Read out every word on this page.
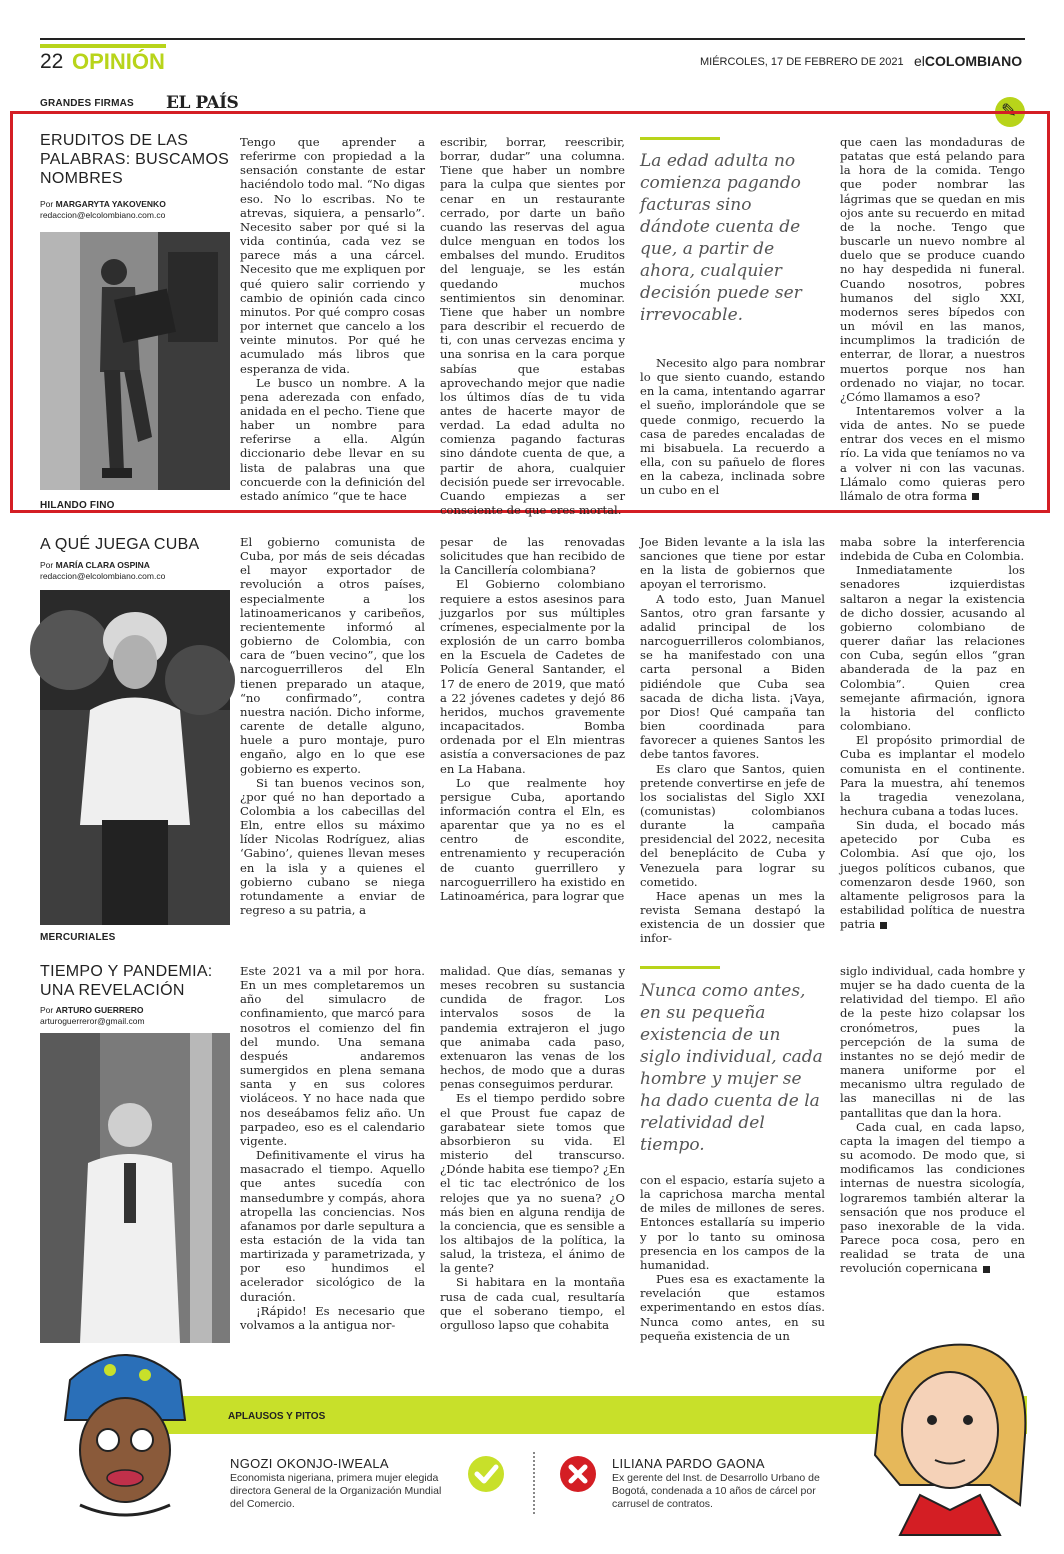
22 OPINIÓN	MIÉRCOLES, 17 DE FEBRERO DE 2021 elCOLOMBIANO
GRANDES FIRMAS EL PAÍS	✎
ERUDITOS DE LAS PALABRAS: BUSCAMOS NOMBRES
Por MARGARYTA YAKOVENKO
redaccion@elcolombiano.com.co

Tengo que aprender a referirme con propiedad a la sensación constante de estar haciéndolo todo mal. “No digas eso. No lo escribas. No te atrevas, siquiera, a pensarlo”. Necesito saber por qué si la vida continúa, cada vez se parece más a una cárcel. Necesito que me expliquen por qué quiero salir corriendo y cambio de opinión cada cinco minutos. Por qué compro cosas por internet que cancelo a los veinte minutos. Por qué he acumulado más libros que esperanza de vida.

Le busco un nombre. A la pena aderezada con enfado, anidada en el pecho. Tiene que haber un nombre para referirse a ella. Algún diccionario debe llevar en su lista de palabras una que concuerde con la definición del estado anímico “que te hace

escribir, borrar, reescribir, borrar, dudar” una columna. Tiene que haber un nombre para la culpa que sientes por cenar en un restaurante cerrado, por darte un baño cuando las reservas del agua dulce menguan en todos los embalses del mundo. Eruditos del lenguaje, se les están quedando muchos sentimientos sin denominar. Tiene que haber un nombre para describir el recuerdo de ti, con unas cervezas encima y una sonrisa en la cara porque sabías que estabas aprovechando mejor que nadie los últimos días de tu vida antes de hacerte mayor de verdad. La edad adulta no comienza pagando facturas sino dándote cuenta de que, a partir de ahora, cualquier decisión puede ser irrevocable. Cuando empiezas a ser consciente de que eres mortal.

La edad adulta no comienza pagando facturas sino dándote cuenta de que, a partir de ahora, cualquier decisión puede ser irrevocable.

Necesito algo para nombrar lo que siento cuando, estando en la cama, intentando agarrar el sueño, implorándole que se quede conmigo, recuerdo la casa de paredes encaladas de mi bisabuela. La recuerdo a ella, con su pañuelo de flores en la cabeza, inclinada sobre un cubo en el

que caen las mondaduras de patatas que está pelando para la hora de la comida. Tengo que poder nombrar las lágrimas que se quedan en mis ojos ante su recuerdo en mitad de la noche. Tengo que buscarle un nuevo nombre al duelo que se produce cuando no hay despedida ni funeral. Cuando nosotros, pobres humanos del siglo XXI, modernos seres bípedos con un móvil en las manos, incumplimos la tradición de enterrar, de llorar, a nuestros muertos porque nos han ordenado no viajar, no tocar. ¿Cómo llamamos a eso?

Intentaremos volver a la vida de antes. No se puede entrar dos veces en el mismo río. La vida que teníamos no va a volver ni con las vacunas. Llámalo como quieras pero llámalo de otra forma

HILANDO FINO
A QUÉ JUEGA CUBA
Por MARÍA CLARA OSPINA
redaccion@elcolombiano.com.co

El gobierno comunista de Cuba, por más de seis décadas el mayor exportador de revolución a otros países, especialmente a los latinoamericanos y caribeños, recientemente informó al gobierno de Colombia, con cara de “buen vecino”, que los narcoguerrilleros del Eln tienen preparado un ataque, “no confirmado”, contra nuestra nación. Dicho informe, carente de detalle alguno, huele a puro montaje, puro engaño, algo en lo que ese gobierno es experto.

Si tan buenos vecinos son, ¿por qué no han deportado a Colombia a los cabecillas del Eln, entre ellos su máximo líder Nicolas Rodríguez, alias ‘Gabino’, quienes llevan meses en la isla y a quienes el gobierno cubano se niega rotundamente a enviar de regreso a su patria, a

pesar de las renovadas solicitudes que han recibido de la Cancillería colombiana?

El Gobierno colombiano requiere a estos asesinos para juzgarlos por sus múltiples crímenes, especialmente por la explosión de un carro bomba en la Escuela de Cadetes de Policía General Santander, el 17 de enero de 2019, que mató a 22 jóvenes cadetes y dejó 86 heridos, muchos gravemente incapacitados. Bomba ordenada por el Eln mientras asistía a conversaciones de paz en La Habana.

Lo que realmente hoy persigue Cuba, aportando información contra el Eln, es aparentar que ya no es el centro de escondite, entrenamiento y recuperación de cuanto guerrillero y narcoguerrillero ha existido en Latinoamérica, para lograr que

Joe Biden levante a la isla las sanciones que tiene por estar en la lista de gobiernos que apoyan el terrorismo.

A todo esto, Juan Manuel Santos, otro gran farsante y adalid principal de los narcoguerrilleros colombianos, se ha manifestado con una carta personal a Biden pidiéndole que Cuba sea sacada de dicha lista. ¡Vaya, por Dios! Qué campaña tan bien coordinada para favorecer a quienes Santos les debe tantos favores.

Es claro que Santos, quien pretende convertirse en jefe de los socialistas del Siglo XXI (comunistas) colombianos durante la campaña presidencial del 2022, necesita del beneplácito de Cuba y Venezuela para lograr su cometido.

Hace apenas un mes la revista Semana destapó la existencia de un dossier que infor-

maba sobre la interferencia indebida de Cuba en Colombia.

Inmediatamente los senadores izquierdistas saltaron a negar la existencia de dicho dossier, acusando al gobierno colombiano de querer dañar las relaciones con Cuba, según ellos “gran abanderada de la paz en Colombia”. Quien crea semejante afirmación, ignora la historia del conflicto colombiano.

El propósito primordial de Cuba es implantar el modelo comunista en el continente. Para la muestra, ahí tenemos la tragedia venezolana, hechura cubana a todas luces.

Sin duda, el bocado más apetecido por Cuba es Colombia. Así que ojo, los juegos políticos cubanos, que comenzaron desde 1960, son altamente peligrosos para la estabilidad política de nuestra patria

MERCURIALES
TIEMPO Y PANDEMIA: UNA REVELACIÓN
Por ARTURO GUERRERO
arturoguerreror@gmail.com

Este 2021 va a mil por hora. En un mes completaremos un año del simulacro de confinamiento, que marcó para nosotros el comienzo del fin del mundo. Una semana después andaremos sumergidos en plena semana santa y en sus colores violáceos. Y no hace nada que nos deseábamos feliz año. Un parpadeo, eso es el calendario vigente.

Definitivamente el virus ha masacrado el tiempo. Aquello que antes sucedía con mansedumbre y compás, ahora atropella las conciencias. Nos afanamos por darle sepultura a esta estación de la vida tan martirizada y parametrizada, y por eso hundimos el acelerador sicológico de la duración.

¡Rápido! Es necesario que volvamos a la antigua nor-

malidad. Que días, semanas y meses recobren su sustancia cundida de fragor. Los intervalos sosos de la pandemia extrajeron el jugo que animaba cada paso, extenuaron las venas de los hechos, de modo que a duras penas conseguimos perdurar.

Es el tiempo perdido sobre el que Proust fue capaz de garabatear siete tomos que absorbieron su vida. El misterio del transcurso. ¿Dónde habita ese tiempo? ¿En el tic tac electrónico de los relojes que ya no suena? ¿O más bien en alguna rendija de la conciencia, que es sensible a los altibajos de la política, la salud, la tristeza, el ánimo de la gente?

Si habitara en la montaña rusa de cada cual, resultaría que el soberano tiempo, el orgulloso lapso que cohabita

Nunca como antes, en su pequeña existencia de un siglo individual, cada hombre y mujer se ha dado cuenta de la relatividad del tiempo.

con el espacio, estaría sujeto a la caprichosa marcha mental de miles de millones de seres. Entonces estallaría su imperio y por lo tanto su ominosa presencia en los campos de la humanidad.

Pues esa es exactamente la revelación que estamos experimentando en estos días. Nunca como antes, en su pequeña existencia de un

siglo individual, cada hombre y mujer se ha dado cuenta de la relatividad del tiempo. El año de la peste hizo colapsar los cronómetros, pues la percepción de la suma de instantes no se dejó medir de manera uniforme por el mecanismo ultra regulado de las manecillas ni de las pantallitas que dan la hora.

Cada cual, en cada lapso, capta la imagen del tiempo a su acomodo. De modo que, si modificamos las condiciones internas de nuestra sicología, lograremos también alterar la sensación que nos produce el paso inexorable de la vida. Parece poca cosa, pero en realidad se trata de una revolución copernicana

APLAUSOS Y PITOS
NGOZI OKONJO-IWEALA
Economista nigeriana, primera mujer elegida directora General de la Organización Mundial del Comercio.
LILIANA PARDO GAONA
Ex gerente del Inst. de Desarrollo Urbano de Bogotá, condenada a 10 años de cárcel por carrusel de contratos.
